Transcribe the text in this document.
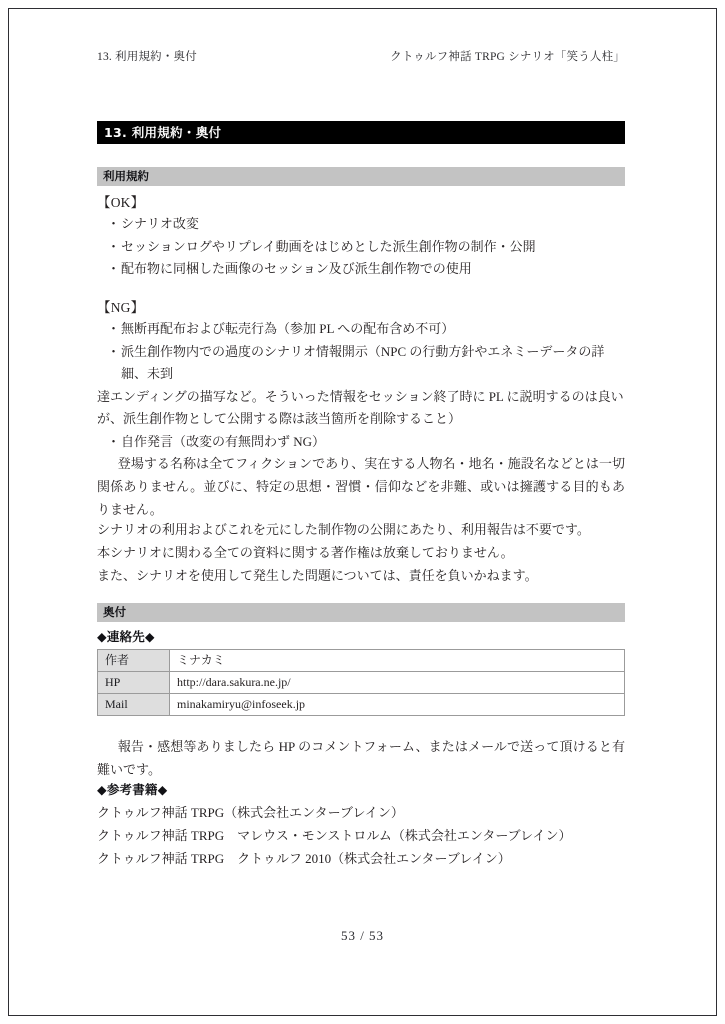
13. 利用規約・奥付	クトゥルフ神話 TRPG シナリオ「笑う人柱」
13. 利用規約・奥付
利用規約
【OK】
・ シナリオ改変
・ セッションログやリプレイ動画をはじめとした派生創作物の制作・公開
・ 配布物に同梱した画像のセッション及び派生創作物での使用
【NG】
・ 無断再配布および転売行為（参加 PL への配布含め不可）
・ 派生創作物内での過度のシナリオ情報開示（NPC の行動方針やエネミーデータの詳細、未到
達エンディングの描写など。そういった情報をセッション終了時に PL に説明するのは良いが、派生創作物として公開する際は該当箇所を削除すること）
・ 自作発言（改変の有無問わず NG）
登場する名称は全てフィクションであり、実在する人物名・地名・施設名などとは一切関係ありません。並びに、特定の思想・習慣・信仰などを非難、或いは擁護する目的もありません。
シナリオの利用およびこれを元にした制作物の公開にあたり、利用報告は不要です。
本シナリオに関わる全ての資料に関する著作権は放棄しておりません。
また、シナリオを使用して発生した問題については、責任を負いかねます。
奥付
◆連絡先◆
作者	ミナカミ
HP	http://dara.sakura.ne.jp/
Mail	minakamiryu@infoseek.jp
報告・感想等ありましたら HP のコメントフォーム、またはメールで送って頂けると有難いです。
◆参考書籍◆
クトゥルフ神話 TRPG（株式会社エンターブレイン）
クトゥルフ神話 TRPG　マレウス・モンストロルム（株式会社エンターブレイン）
クトゥルフ神話 TRPG　クトゥルフ 2010（株式会社エンターブレイン）
53 / 53
